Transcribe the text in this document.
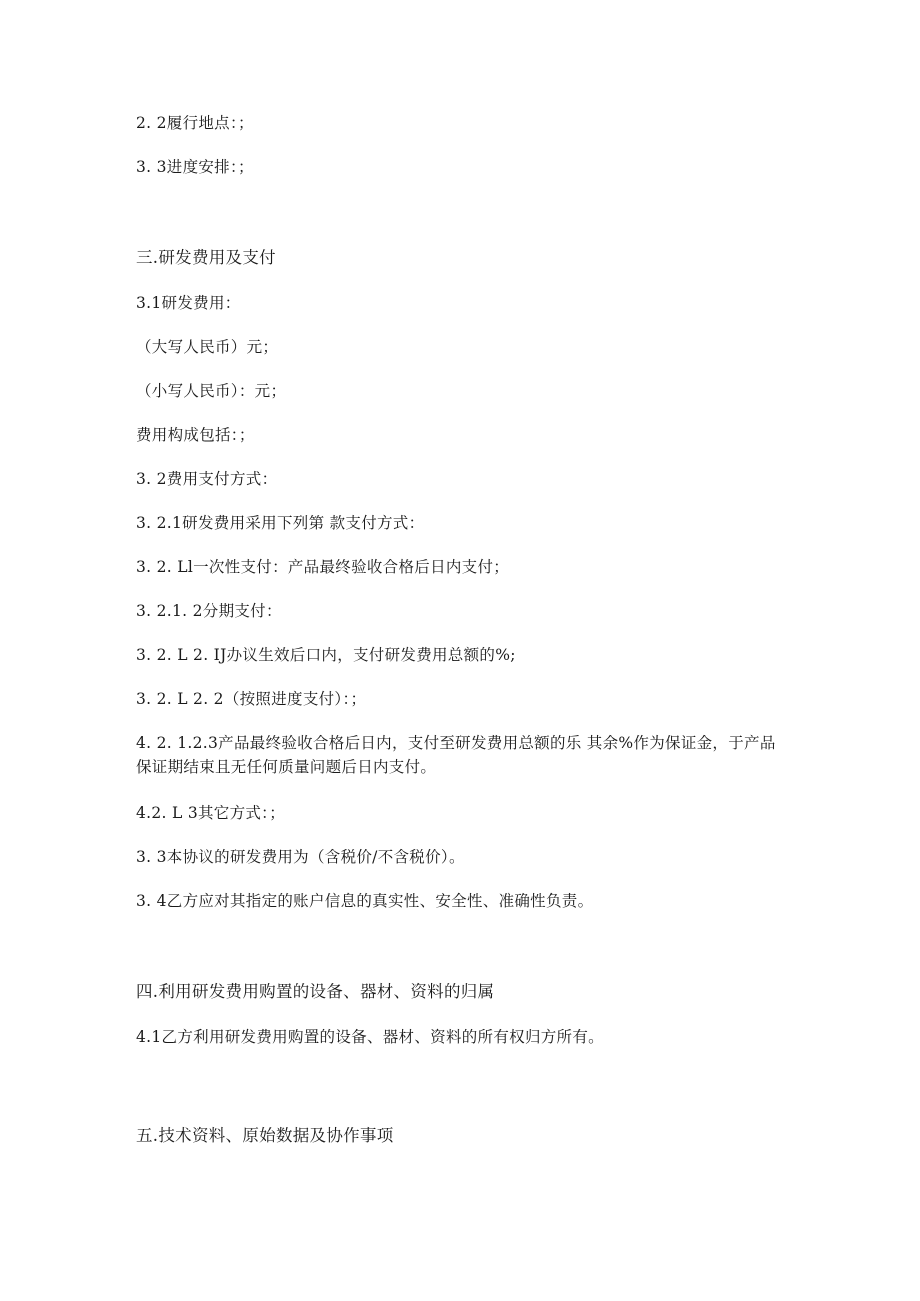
2. 2履行地点：；
3. 3进度安排：；
三.研发费用及支付
3.1研发费用：
（大写人民币）元；
（小写人民币）：元；
费用构成包括：；
3. 2费用支付方式：
3. 2.1研发费用采用下列第 款支付方式：
3. 2. Ll一次性支付：产品最终验收合格后日内支付；
3. 2.1. 2分期支付：
3. 2. L 2. IJ办议生效后口内，支付研发费用总额的%;
3. 2. L 2. 2（按照进度支付）：；
4. 2. 1.2.3产品最终验收合格后日内，支付至研发费用总额的乐 其余%作为保证金，于产品保证期结束且无任何质量问题后日内支付。
4.2. L 3其它方式：；
3. 3本协议的研发费用为（含税价/不含税价）。
3. 4乙方应对其指定的账户信息的真实性、安全性、准确性负责。
四.利用研发费用购置的设备、器材、资料的归属
4.1乙方利用研发费用购置的设备、器材、资料的所有权归方所有。
五.技术资料、原始数据及协作事项
